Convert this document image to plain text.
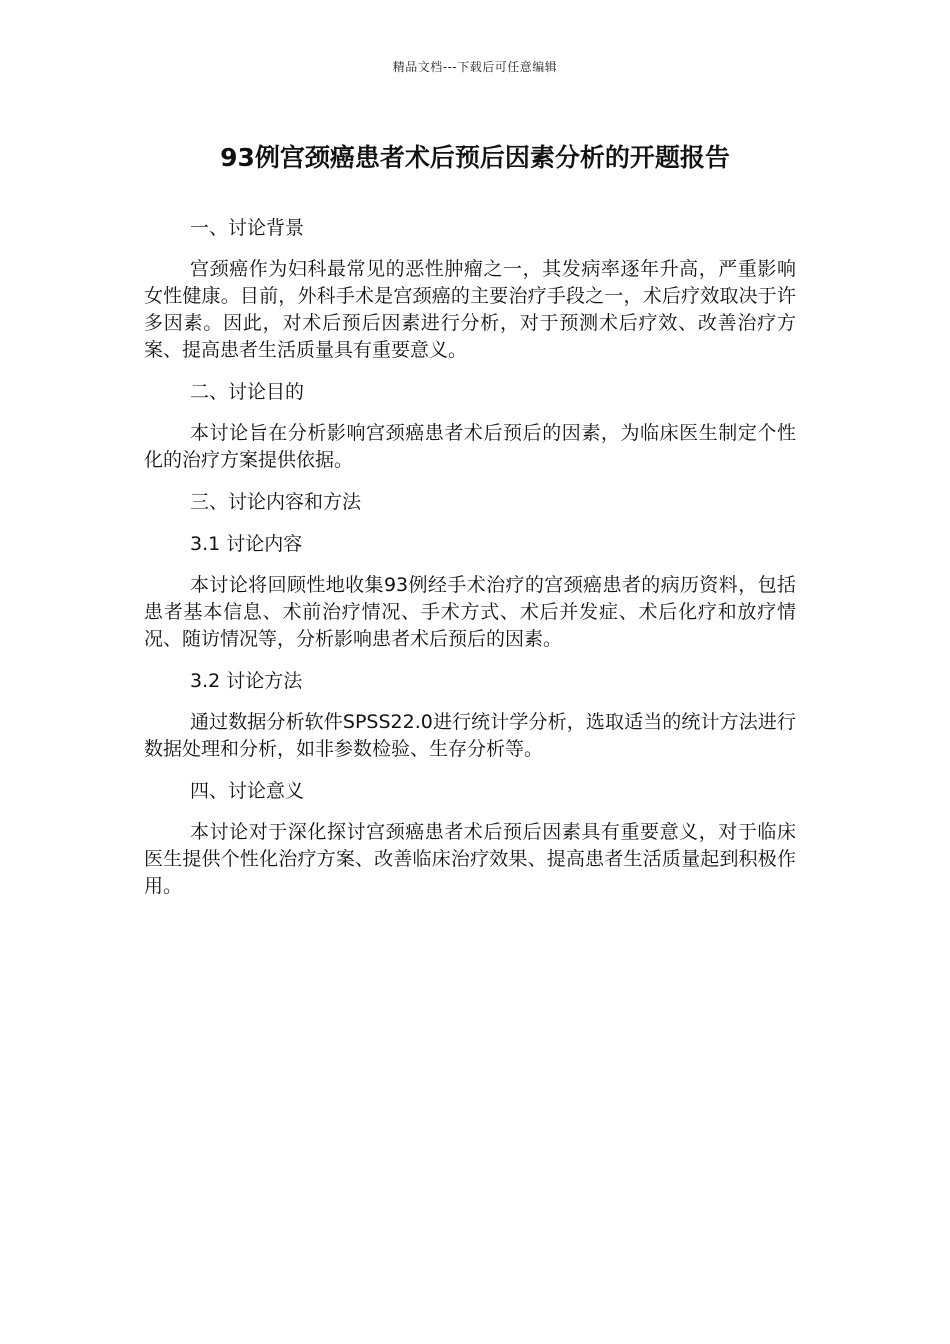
精品文档---下载后可任意编辑
93例宫颈癌患者术后预后因素分析的开题报告

一、讨论背景

宫颈癌作为妇科最常见的恶性肿瘤之一，其发病率逐年升高，严重影响女性健康。目前，外科手术是宫颈癌的主要治疗手段之一，术后疗效取决于许多因素。因此，对术后预后因素进行分析，对于预测术后疗效、改善治疗方案、提高患者生活质量具有重要意义。

二、讨论目的

本讨论旨在分析影响宫颈癌患者术后预后的因素，为临床医生制定个性化的治疗方案提供依据。

三、讨论内容和方法

3.1 讨论内容

本讨论将回顾性地收集93例经手术治疗的宫颈癌患者的病历资料，包括患者基本信息、术前治疗情况、手术方式、术后并发症、术后化疗和放疗情况、随访情况等，分析影响患者术后预后的因素。

3.2 讨论方法

通过数据分析软件SPSS22.0进行统计学分析，选取适当的统计方法进行数据处理和分析，如非参数检验、生存分析等。

四、讨论意义

本讨论对于深化探讨宫颈癌患者术后预后因素具有重要意义，对于临床医生提供个性化治疗方案、改善临床治疗效果、提高患者生活质量起到积极作用。
